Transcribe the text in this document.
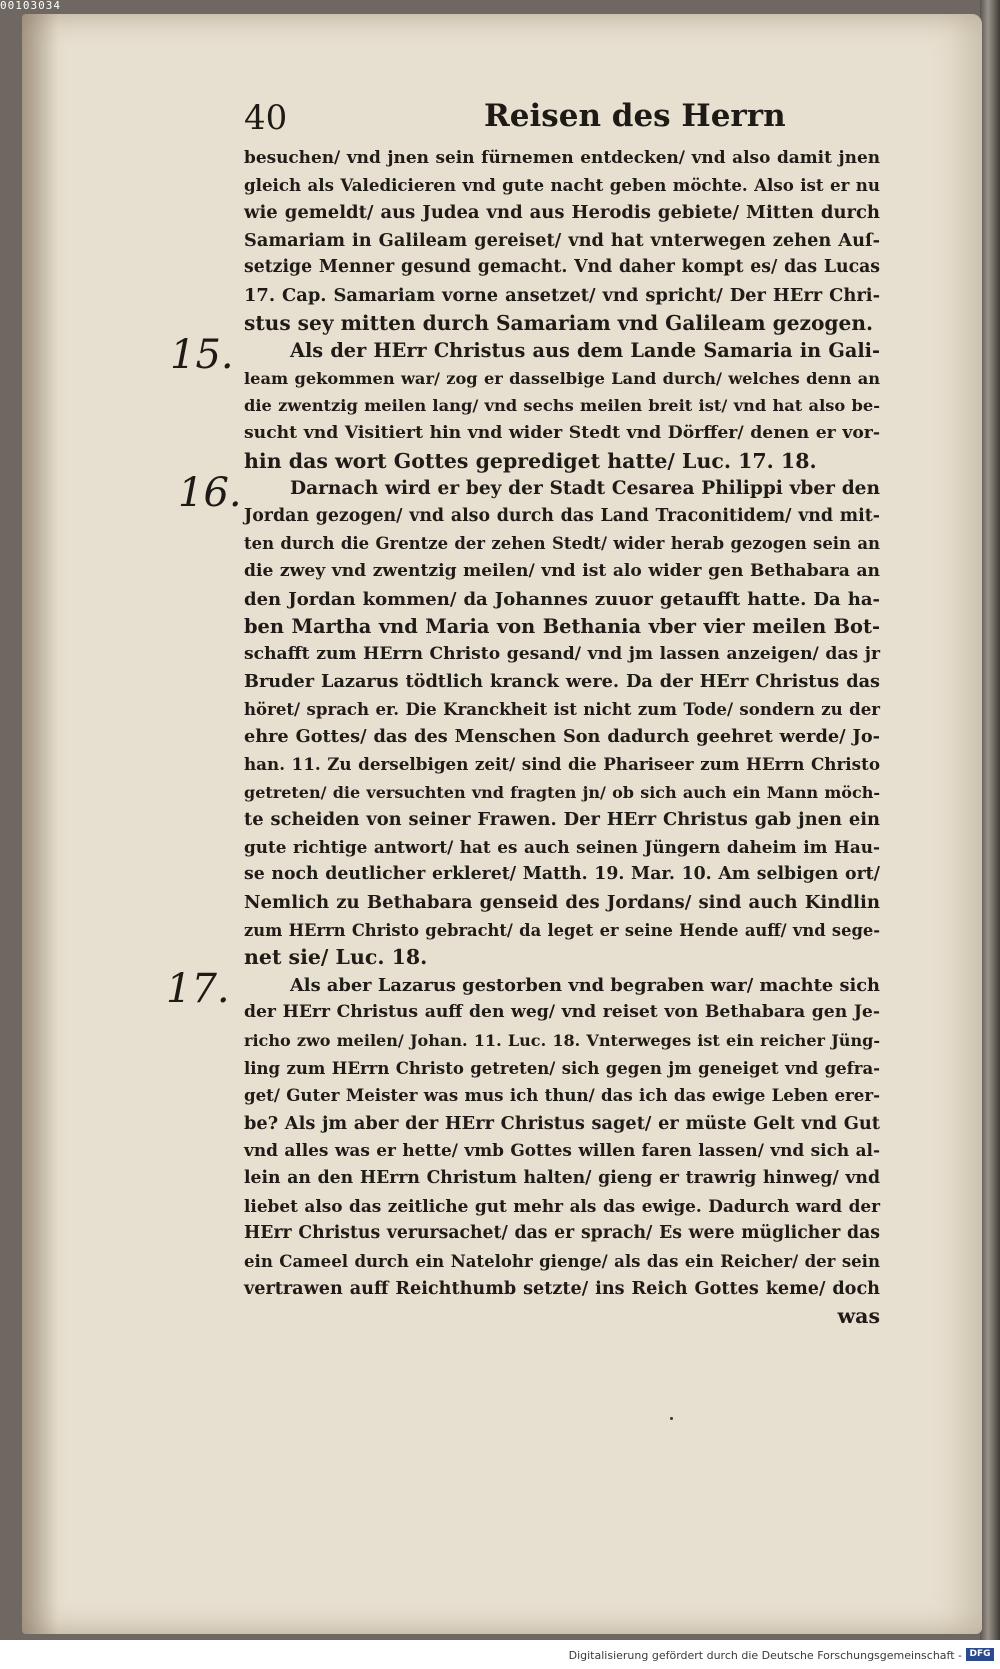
00103034
40	Reisen des Herrn
15.
16.
17.
besuchen/ vnd jnen sein fürnemen entdecken/ vnd also damit jnen
gleich als Valedicieren vnd gute nacht geben möchte. Also ist er nu
wie gemeldt/ aus Judea vnd aus Herodis gebiete/ Mitten durch
Samariam in Galileam gereiset/ vnd hat vnterwegen zehen Auſ-
setzige Menner gesund gemacht. Vnd daher kompt es/ das Lucas
17. Cap. Samariam vorne ansetzet/ vnd spricht/ Der HErr Chri-
stus sey mitten durch Samariam vnd Galileam gezogen.
Als der HErr Christus aus dem Lande Samaria in Gali-
leam gekommen war/ zog er dasselbige Land durch/ welches denn an
die zwentzig meilen lang/ vnd sechs meilen breit ist/ vnd hat also be-
sucht vnd Visitiert hin vnd wider Stedt vnd Dörffer/ denen er vor-
hin das wort Gottes geprediget hatte/ Luc. 17. 18.
Darnach wird er bey der Stadt Cesarea Philippi vber den
Jordan gezogen/ vnd also durch das Land Traconitidem/ vnd mit-
ten durch die Grentze der zehen Stedt/ wider herab gezogen sein an
die zwey vnd zwentzig meilen/ vnd ist alo wider gen Bethabara an
den Jordan kommen/ da Johannes zuuor getaufft hatte. Da ha-
ben Martha vnd Maria von Bethania vber vier meilen Bot-
schafft zum HErrn Christo gesand/ vnd jm lassen anzeigen/ das jr
Bruder Lazarus tödtlich kranck were. Da der HErr Christus das
höret/ sprach er. Die Kranckheit ist nicht zum Tode/ sondern zu der
ehre Gottes/ das des Menschen Son dadurch geehret werde/ Jo-
han. 11. Zu derselbigen zeit/ sind die Phariseer zum HErrn Christo
getreten/ die versuchten vnd fragten jn/ ob sich auch ein Mann möch-
te scheiden von seiner Frawen. Der HErr Christus gab jnen ein
gute richtige antwort/ hat es auch seinen Jüngern daheim im Hau-
se noch deutlicher erkleret/ Matth. 19. Mar. 10. Am selbigen ort/
Nemlich zu Bethabara genseid des Jordans/ sind auch Kindlin
zum HErrn Christo gebracht/ da leget er seine Hende auff/ vnd sege-
net sie/ Luc. 18.
Als aber Lazarus gestorben vnd begraben war/ machte sich
der HErr Christus auff den weg/ vnd reiset von Bethabara gen Je-
richo zwo meilen/ Johan. 11. Luc. 18. Vnterweges ist ein reicher Jüng-
ling zum HErrn Christo getreten/ sich gegen jm geneiget vnd gefra-
get/ Guter Meister was mus ich thun/ das ich das ewige Leben erer-
be? Als jm aber der HErr Christus saget/ er müste Gelt vnd Gut
vnd alles was er hette/ vmb Gottes willen faren lassen/ vnd sich al-
lein an den HErrn Christum halten/ gieng er trawrig hinweg/ vnd
liebet also das zeitliche gut mehr als das ewige. Dadurch ward der
HErr Christus verursachet/ das er sprach/ Es were müglicher das
ein Cameel durch ein Natelohr gienge/ als das ein Reicher/ der sein
vertrawen auff Reichthumb setzte/ ins Reich Gottes keme/ doch
was
Digitalisierung gefördert durch die Deutsche Forschungsgemeinschaft - DFG
